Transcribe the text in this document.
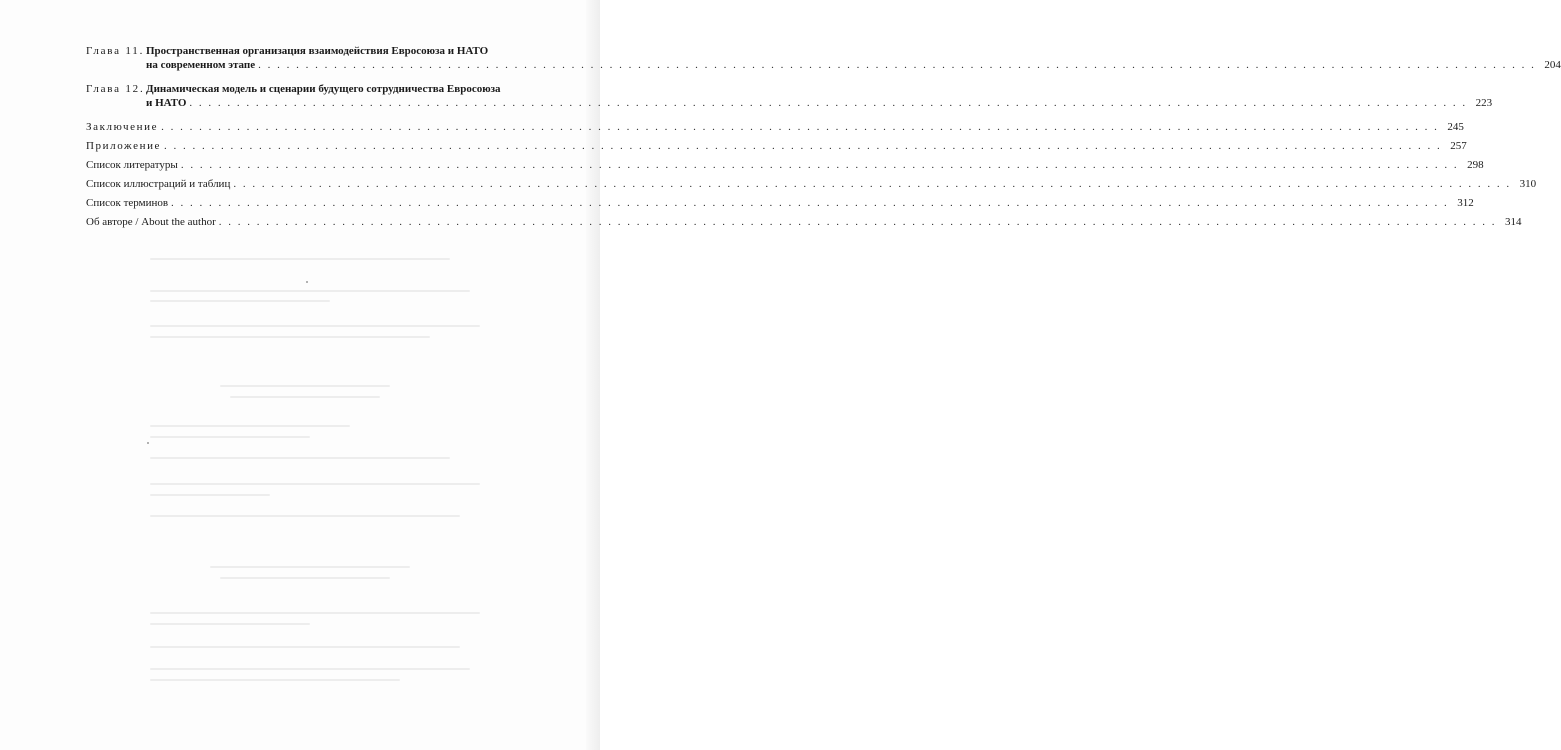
Глава 11. Пространственная организация взаимодействия Евросоюза и НАТО
на современном этапе . . .	204
Глава 12. Динамическая модель и сценарии будущего сотрудничества Евросоюза
и НАТО . . .	223
Заключение . . .	245
Приложение . . .	257
Список литературы . . .	298
Список иллюстраций и таблиц . . .	310
Список терминов . . .	312
Об авторе / About the author . . .	314
